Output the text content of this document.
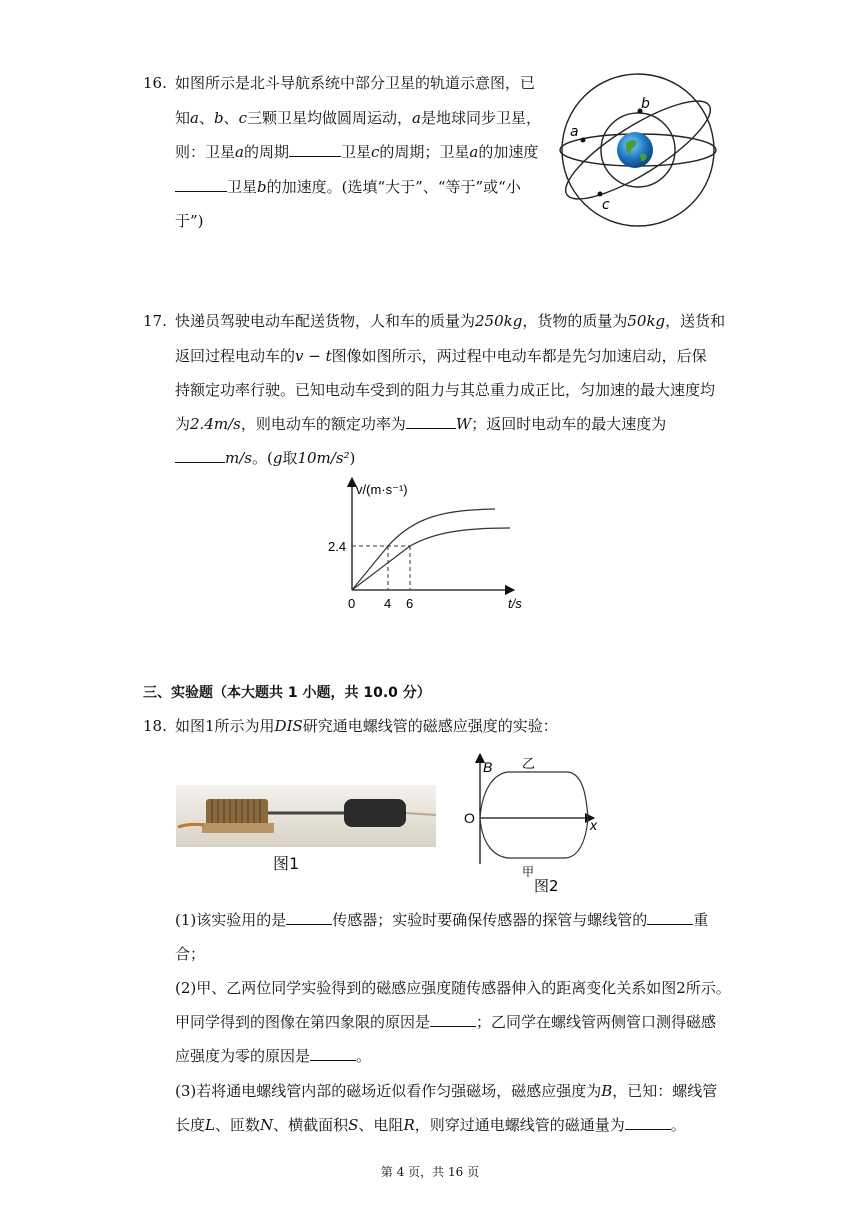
16. 如图所示是北斗导航系统中部分卫星的轨道示意图，已
知a、b、c三颗卫星均做圆周运动，a是地球同步卫星，
则：卫星a的周期	卫星c的周期；卫星a的加速度
卫星b的加速度。(选填“大于”、“等于”或“小
于”)
b
a
c
17. 快递员驾驶电动车配送货物，人和车的质量为250kg，货物的质量为50kg，送货和
返回过程电动车的v − t图像如图所示，两过程中电动车都是先匀加速启动，后保
持额定功率行驶。已知电动车受到的阻力与其总重力成正比，匀加速的最大速度均
为2.4m/s，则电动车的额定功率为	W；返回时电动车的最大速度为
m/s。(g取10m/s²)
v/(m·s⁻¹)
t/s
2.4
0 4 6
三、实验题（本大题共 1 小题，共 10.0 分）
18. 如图1所示为用DIS研究通电螺线管的磁感应强度的实验：
图1
B
x
O
乙
甲
图2
(1)该实验用的是	传感器；实验时要确保传感器的探管与螺线管的	重
合；
(2)甲、乙两位同学实验得到的磁感应强度随传感器伸入的距离变化关系如图2所示。
甲同学得到的图像在第四象限的原因是	；乙同学在螺线管两侧管口测得磁感
应强度为零的原因是	。
(3)若将通电螺线管内部的磁场近似看作匀强磁场，磁感应强度为B，已知：螺线管
长度L、匝数N、横截面积S、电阻R，则穿过通电螺线管的磁通量为	。
第 4 页，共 16 页
